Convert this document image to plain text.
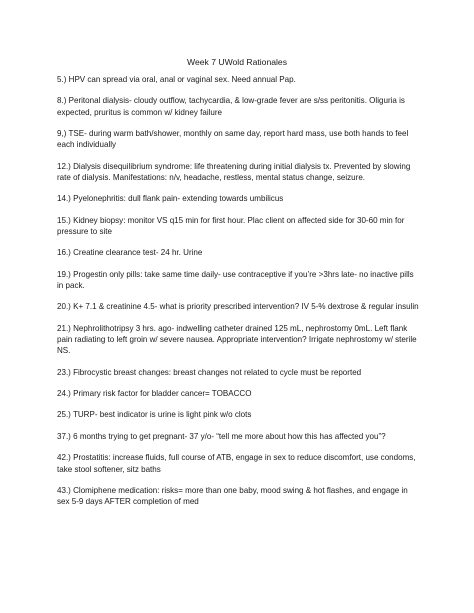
Week 7 UWold Rationales
5.) HPV can spread via oral, anal or vaginal sex. Need annual Pap.
8.) Peritonal dialysis- cloudy outflow, tachycardia, & low-grade fever are s/ss peritonitis. Oliguria is expected, pruritus is common w/ kidney failure
9,) TSE- during warm bath/shower, monthly on same day, report hard mass, use both hands to feel each individually
12.) Dialysis disequilibrium syndrome: life threatening during initial dialysis tx. Prevented by slowing rate of dialysis. Manifestations: n/v, headache, restless, mental status change, seizure.
14.) Pyelonephritis: dull flank pain- extending towards umbilicus
15.) Kidney biopsy: monitor VS q15 min for first hour. Plac client on affected side for 30-60 min for pressure to site
16.) Creatine clearance test- 24 hr. Urine
19.) Progestin only pills: take same time daily- use contraceptive if you’re >3hrs late- no inactive pills in pack.
20.) K+ 7.1 & creatinine 4.5- what is priority prescribed intervention? IV 5-% dextrose & regular insulin
21.) Nephrolithotripsy 3 hrs. ago- indwelling catheter drained 125 mL, nephrostomy 0mL. Left flank pain radiating to left groin w/ severe nausea. Appropriate intervention? Irrigate nephrostomy w/ sterile NS.
23.) Fibrocystic breast changes: breast changes not related to cycle must be reported
24.) Primary risk factor for bladder cancer= TOBACCO
25.) TURP- best indicator is urine is light pink w/o clots
37.) 6 months trying to get pregnant- 37 y/o- “tell me more about how this has affected you”?
42.) Prostatitis: increase fluids, full course of ATB, engage in sex to reduce discomfort, use condoms, take stool softener, sitz baths
43.) Clomiphene medication: risks= more than one baby, mood swing & hot flashes, and engage in sex 5-9 days AFTER completion of med
